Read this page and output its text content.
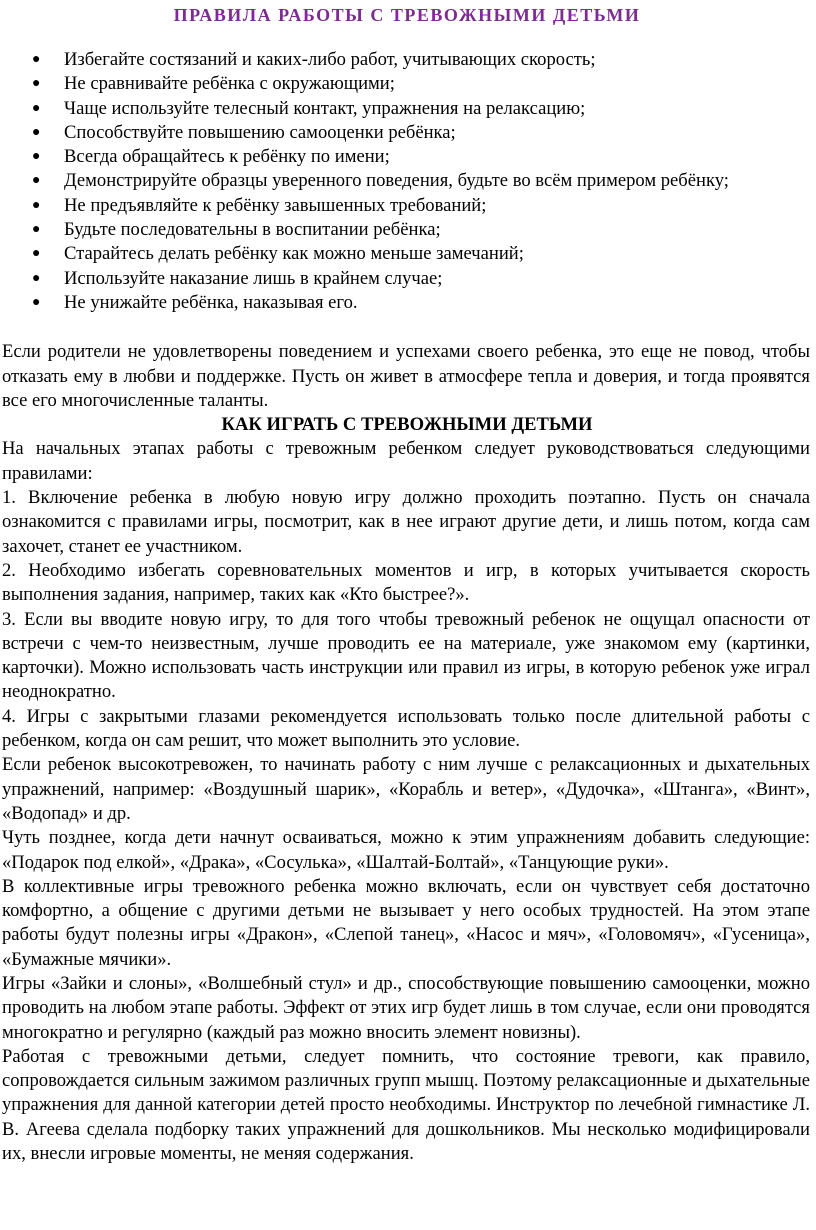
ПРАВИЛА РАБОТЫ С ТРЕВОЖНЫМИ ДЕТЬМИ
● Избегайте состязаний и каких-либо работ, учитывающих скорость;
● Не сравнивайте ребёнка с окружающими;
● Чаще используйте телесный контакт, упражнения на релаксацию;
● Способствуйте повышению самооценки ребёнка;
● Всегда обращайтесь к ребёнку по имени;
● Демонстрируйте образцы уверенного поведения, будьте во всём примером ребёнку;
● Не предъявляйте к ребёнку завышенных требований;
● Будьте последовательны в воспитании ребёнка;
● Старайтесь делать ребёнку как можно меньше замечаний;
● Используйте наказание лишь в крайнем случае;
● Не унижайте ребёнка, наказывая его.

Если родители не удовлетворены поведением и успехами своего ребенка, это еще не повод, чтобы отказать ему в любви и поддержке. Пусть он живет в атмосфере тепла и доверия, и тогда проявятся все его многочисленные таланты.

КАК ИГРАТЬ С ТРЕВОЖНЫМИ ДЕТЬМИ

На начальных этапах работы с тревожным ребенком следует руководствоваться следующими правилами:

1. Включение ребенка в любую новую игру должно проходить поэтапно. Пусть он сначала ознакомится с правилами игры, посмотрит, как в нее играют другие дети, и лишь потом, когда сам захочет, станет ее участником.

2. Необходимо избегать соревновательных моментов и игр, в которых учитывается скорость выполнения задания, например, таких как «Кто быстрее?».

3. Если вы вводите новую игру, то для того чтобы тревожный ребенок не ощущал опасности от встречи с чем-то неизвестным, лучше проводить ее на материале, уже знакомом ему (картинки, карточки). Можно использовать часть инструкции или правил из игры, в которую ребенок уже играл неоднократно.

4. Игры с закрытыми глазами рекомендуется использовать только после длительной работы с ребенком, когда он сам решит, что может выполнить это условие.

Если ребенок высокотревожен, то начинать работу с ним лучше с релаксационных и дыхательных упражнений, например: «Воздушный шарик», «Корабль и ветер», «Дудочка», «Штанга», «Винт», «Водопад» и др.

Чуть позднее, когда дети начнут осваиваться, можно к этим упражнениям добавить следующие: «Подарок под елкой», «Драка», «Сосулька», «Шалтай-Болтай», «Танцующие руки».

В коллективные игры тревожного ребенка можно включать, если он чувствует себя достаточно комфортно, а общение с другими детьми не вызывает у него особых трудностей. На этом этапе работы будут полезны игры «Дракон», «Слепой танец», «Насос и мяч», «Головомяч», «Гусеница», «Бумажные мячики».

Игры «Зайки и слоны», «Волшебный стул» и др., способствующие повышению самооценки, можно проводить на любом этапе работы. Эффект от этих игр будет лишь в том случае, если они проводятся многократно и регулярно (каждый раз можно вносить элемент новизны).

Работая с тревожными детьми, следует помнить, что состояние тревоги, как правило, сопровождается сильным зажимом различных групп мышц. Поэтому релаксационные и дыхательные упражнения для данной категории детей просто необходимы. Инструктор по лечебной гимнастике Л. В. Агеева сделала подборку таких упражнений для дошкольников. Мы несколько модифицировали их, внесли игровые моменты, не меняя содержания.
